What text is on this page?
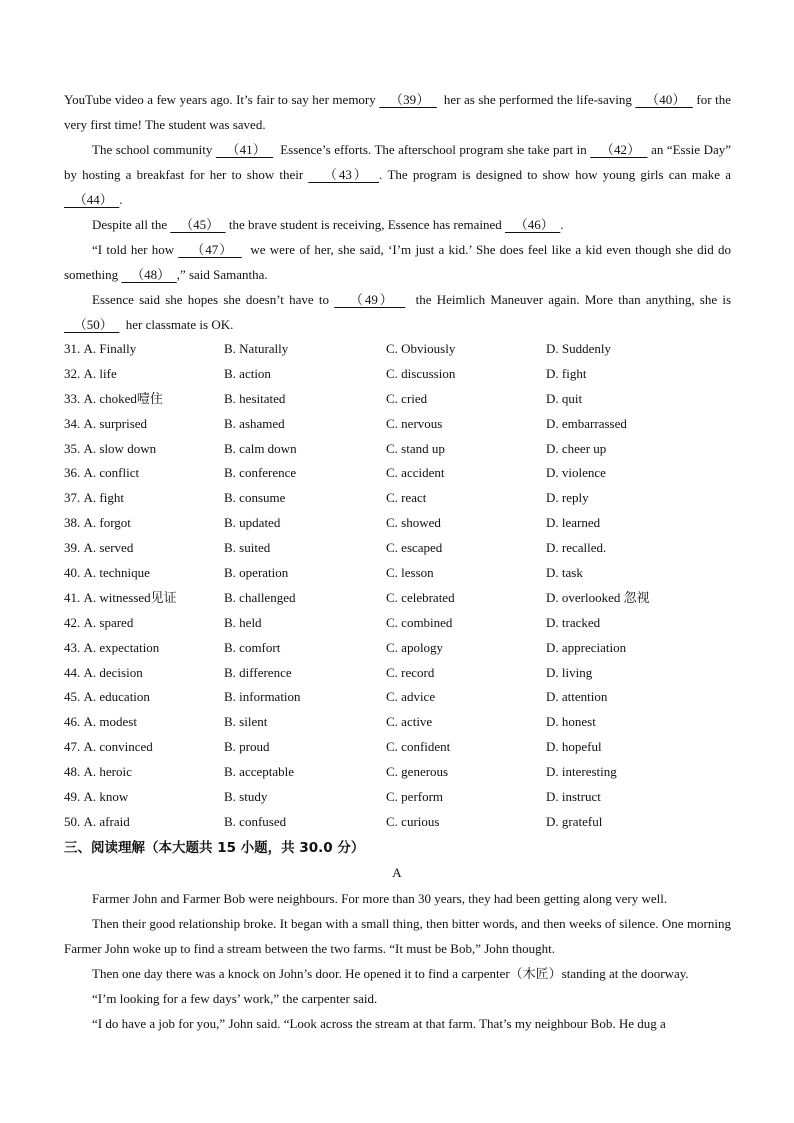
YouTube video a few years ago. It’s fair to say her memory    （39）    her as she performed the life-saving    （40）   for the very first time! The student was saved.

The school community    （41）    Essence’s efforts. The afterschool program she take part in    （42）   an “Essie Day” by hosting a breakfast for her to show their    （43）  . The program is designed to show how young girls can make a    （44）  .

Despite all the    （45）   the brave student is receiving, Essence has remained    （46）  .

“I told her how    （47）    we were of her, she said, ‘I’m just a kid.’ She does feel like a kid even though she did do something    （48）  ,” said Samantha.

Essence said she hopes she doesn’t have to    （49）    the Heimlich Maneuver again. More than anything, she is    （50）    her classmate is OK.

31. A. Finally	B. Naturally	C. Obviously	D. Suddenly
32. A. life	B. action	C. discussion	D. fight
33. A. choked噎住	B. hesitated	C. cried	D. quit
34. A. surprised	B. ashamed	C. nervous	D. embarrassed
35. A. slow down	B. calm down	C. stand up	D. cheer up
36. A. conflict	B. conference	C. accident	D. violence
37. A. fight	B. consume	C. react	D. reply
38. A. forgot	B. updated	C. showed	D. learned
39. A. served	B. suited	C. escaped	D. recalled.
40. A. technique	B. operation	C. lesson	D. task
41. A. witnessed见证	B. challenged	C. celebrated	D. overlooked 忽视
42. A. spared	B. held	C. combined	D. tracked
43. A. expectation	B. comfort	C. apology	D. appreciation
44. A. decision	B. difference	C. record	D. living
45. A. education	B. information	C. advice	D. attention
46. A. modest	B. silent	C. active	D. honest
47. A. convinced	B. proud	C. confident	D. hopeful
48. A. heroic	B. acceptable	C. generous	D. interesting
49. A. know	B. study	C. perform	D. instruct
50. A. afraid	B. confused	C. curious	D. grateful

三、阅读理解（本大题共 15 小题，共 30.0 分）

A

Farmer John and Farmer Bob were neighbours. For more than 30 years, they had been getting along very well.

Then their good relationship broke. It began with a small thing, then bitter words, and then weeks of silence. One morning Farmer John woke up to find a stream between the two farms. “It must be Bob,” John thought.

Then one day there was a knock on John’s door. He opened it to find a carpenter（木匠）standing at the doorway.

“I’m looking for a few days’ work,” the carpenter said.

“I do have a job for you,” John said. “Look across the stream at that farm. That’s my neighbour Bob. He dug a
